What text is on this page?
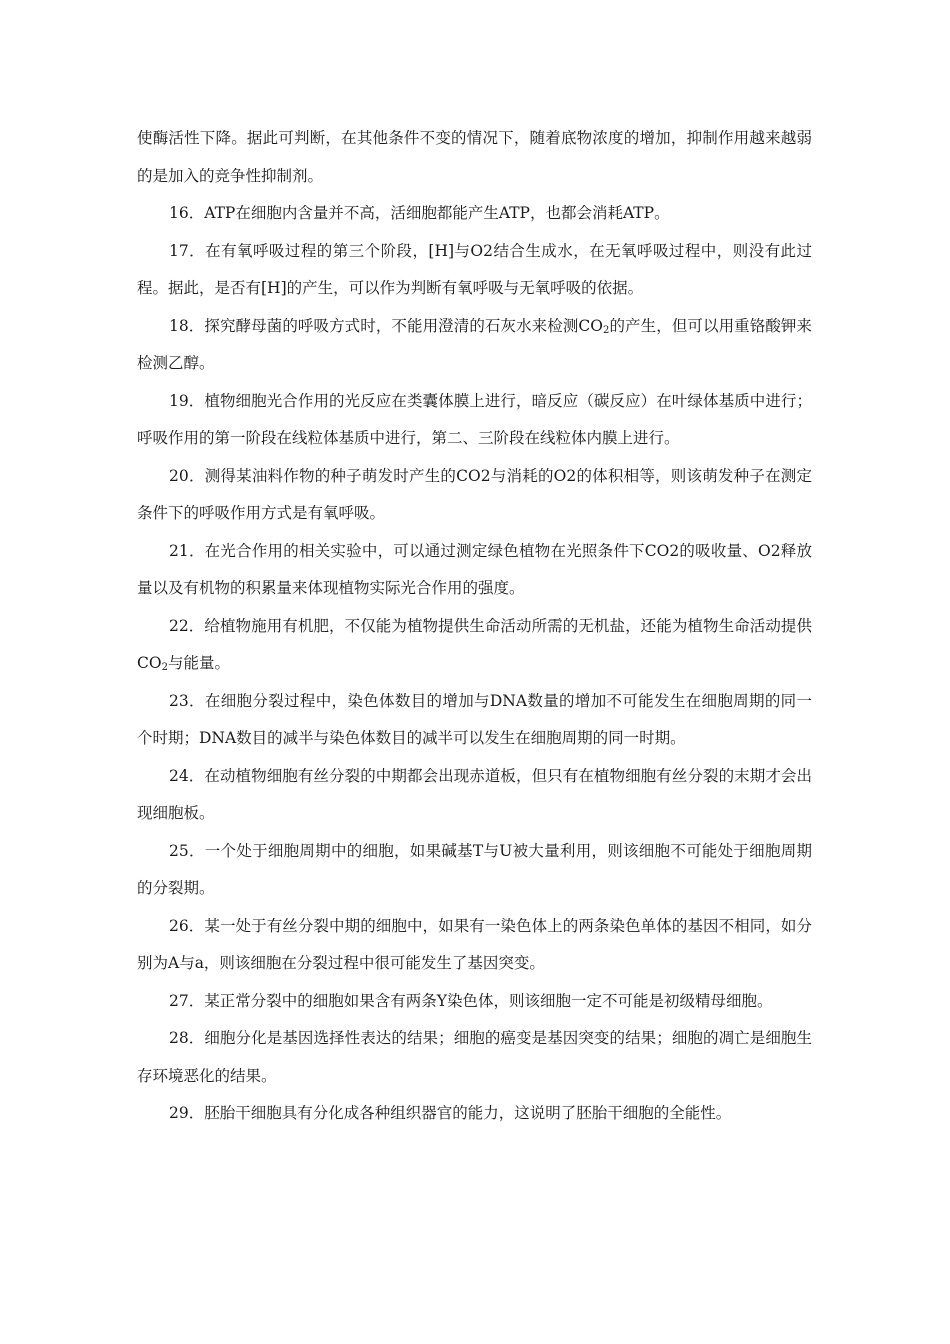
使酶活性下降。据此可判断，在其他条件不变的情况下，随着底物浓度的增加，抑制作用越来越弱的是加入的竞争性抑制剂。

16．ATP在细胞内含量并不高，活细胞都能产生ATP，也都会消耗ATP。

17．在有氧呼吸过程的第三个阶段，[H]与O2结合生成水，在无氧呼吸过程中，则没有此过程。据此，是否有[H]的产生，可以作为判断有氧呼吸与无氧呼吸的依据。

18．探究酵母菌的呼吸方式时，不能用澄清的石灰水来检测$CO_2$的产生，但可以用重铬酸钾来检测乙醇。

19．植物细胞光合作用的光反应在类囊体膜上进行，暗反应（碳反应）在叶绿体基质中进行；呼吸作用的第一阶段在线粒体基质中进行，第二、三阶段在线粒体内膜上进行。

20．测得某油料作物的种子萌发时产生的CO2与消耗的O2的体积相等，则该萌发种子在测定条件下的呼吸作用方式是有氧呼吸。

21．在光合作用的相关实验中，可以通过测定绿色植物在光照条件下CO2的吸收量、O2释放量以及有机物的积累量来体现植物实际光合作用的强度。

22．给植物施用有机肥，不仅能为植物提供生命活动所需的无机盐，还能为植物生命活动提供$CO_2$与能量。

23．在细胞分裂过程中，染色体数目的增加与DNA数量的增加不可能发生在细胞周期的同一个时期；DNA数目的减半与染色体数目的减半可以发生在细胞周期的同一时期。

24．在动植物细胞有丝分裂的中期都会出现赤道板，但只有在植物细胞有丝分裂的末期才会出现细胞板。

25．一个处于细胞周期中的细胞，如果碱基T与U被大量利用，则该细胞不可能处于细胞周期的分裂期。

26．某一处于有丝分裂中期的细胞中，如果有一染色体上的两条染色单体的基因不相同，如分别为A与a，则该细胞在分裂过程中很可能发生了基因突变。

27．某正常分裂中的细胞如果含有两条Y染色体，则该细胞一定不可能是初级精母细胞。

28．细胞分化是基因选择性表达的结果；细胞的癌变是基因突变的结果；细胞的凋亡是细胞生存环境恶化的结果。

29．胚胎干细胞具有分化成各种组织器官的能力，这说明了胚胎干细胞的全能性。
